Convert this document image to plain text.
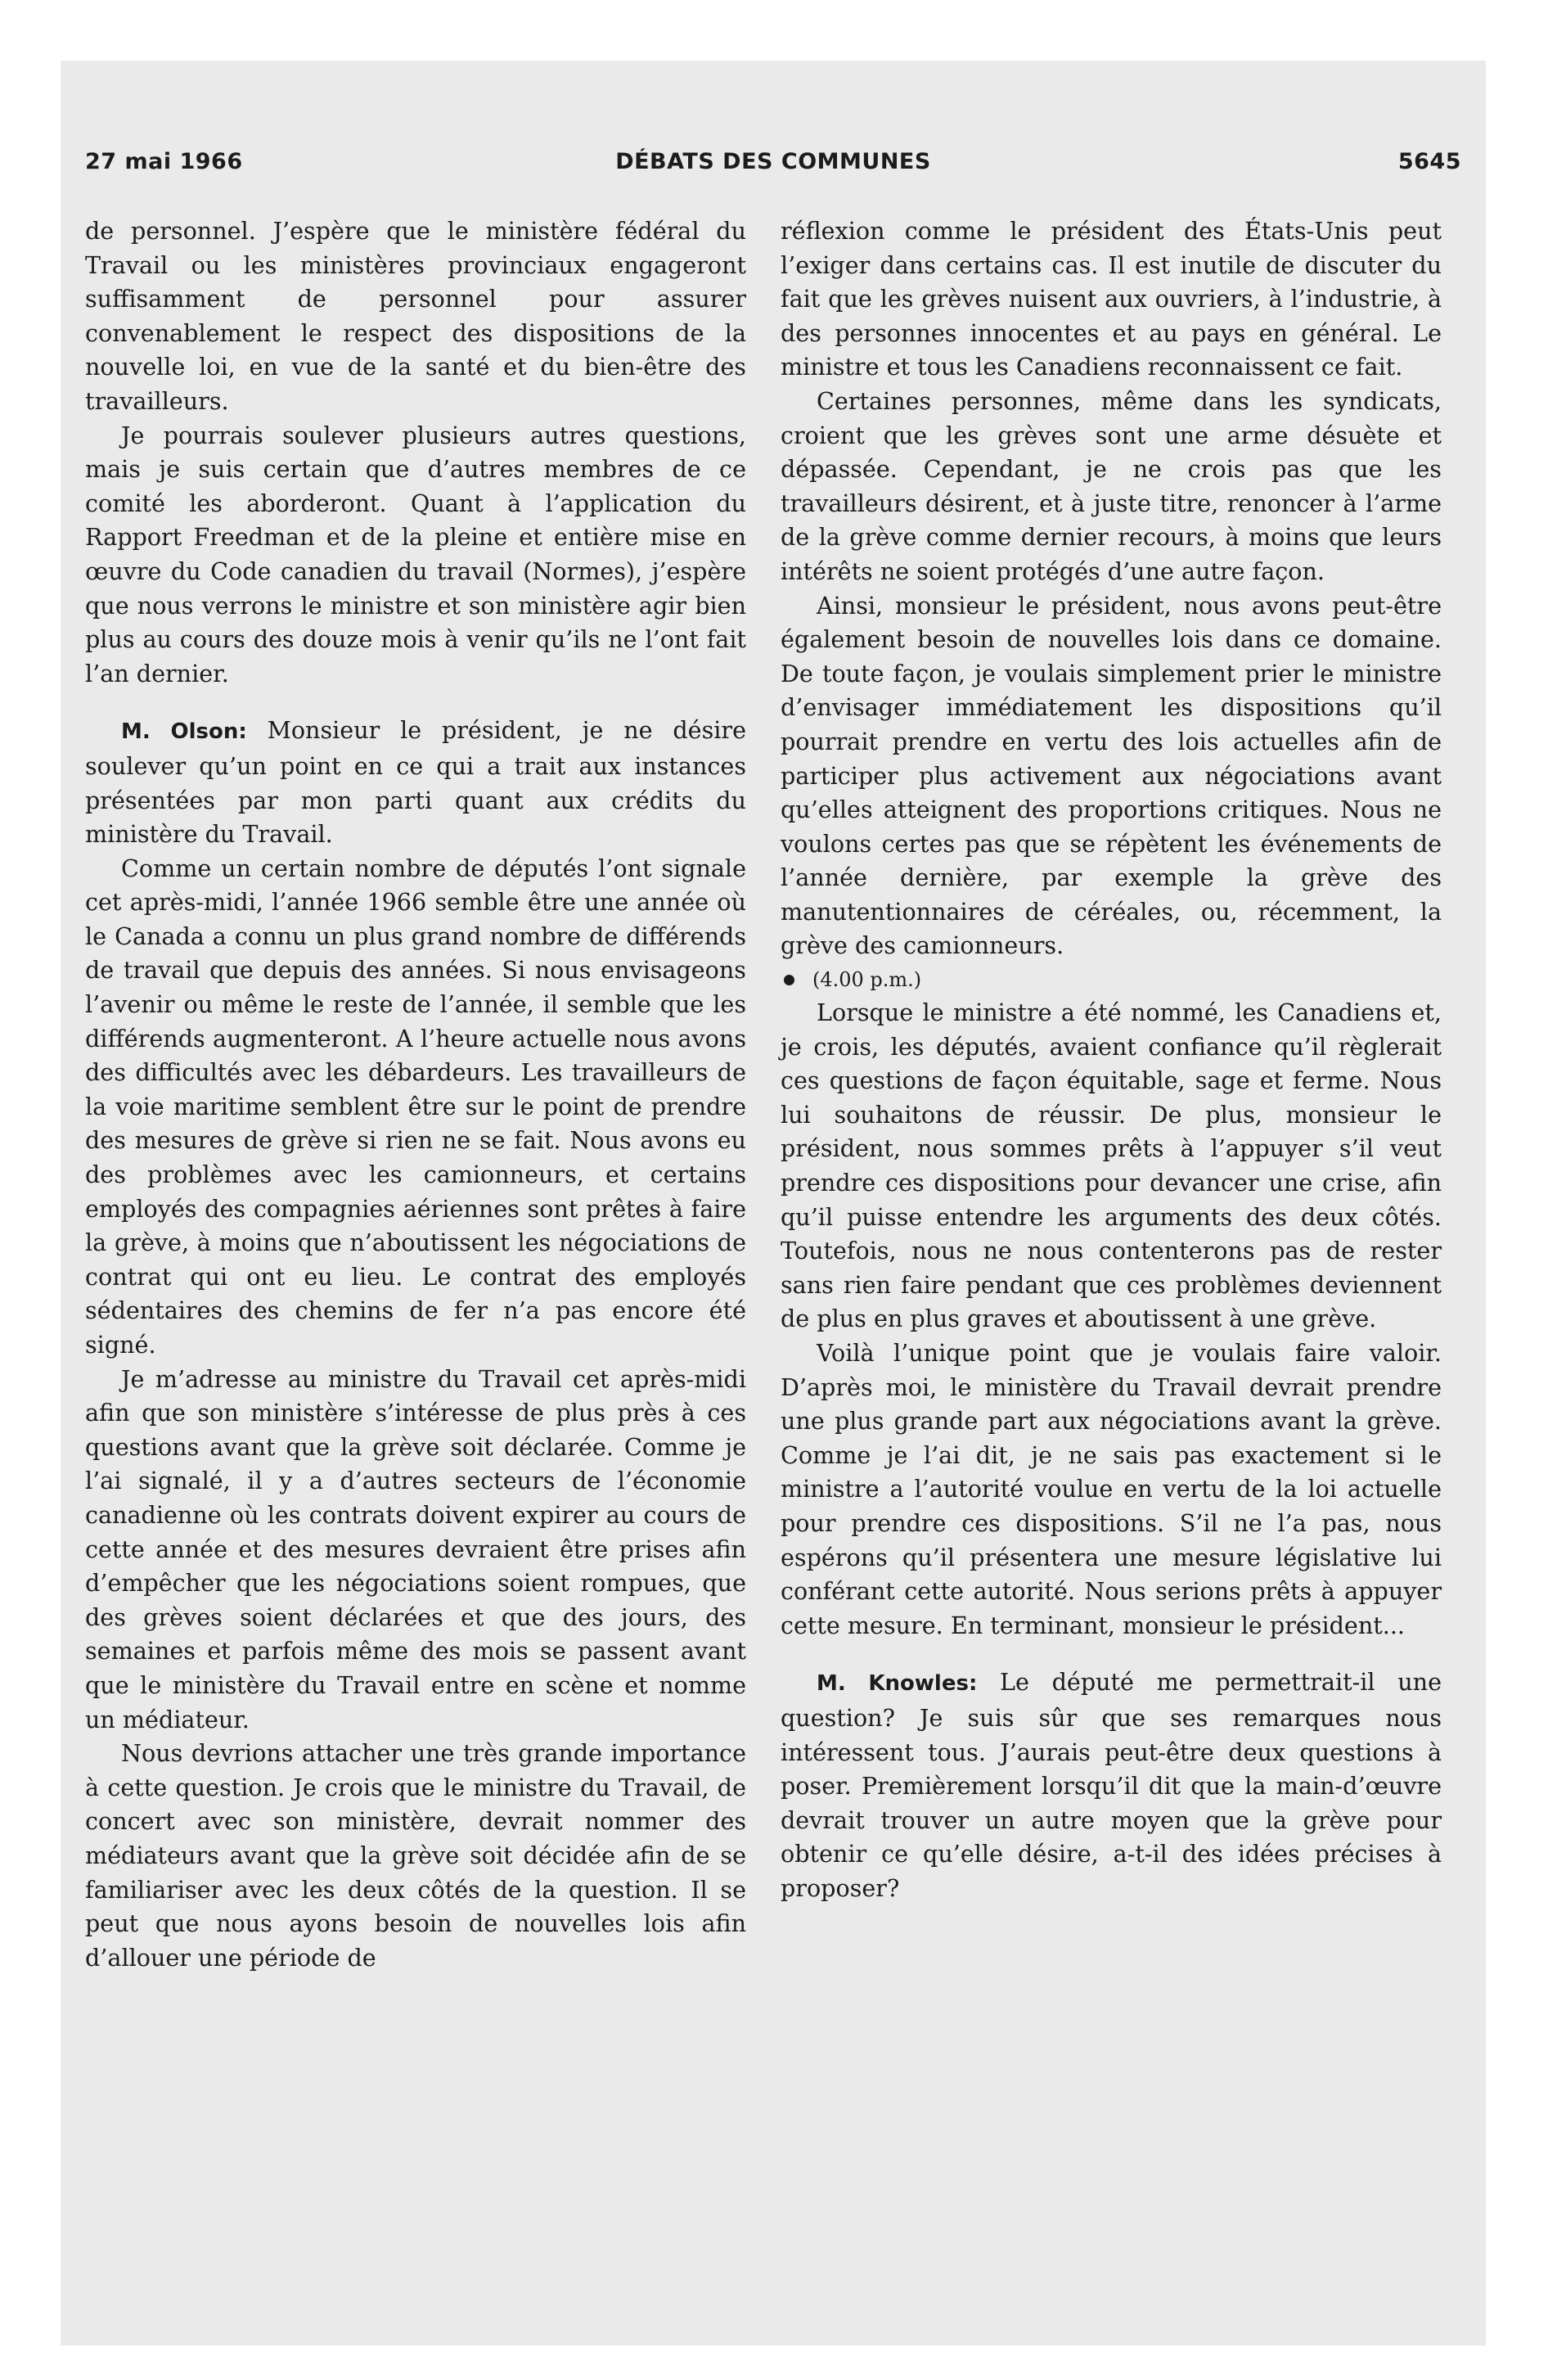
27 mai 1966	DÉBATS DES COMMUNES	5645

de personnel. J’espère que le ministère fédéral du Travail ou les ministères provinciaux engageront suffisamment de personnel pour assurer convenablement le respect des dispositions de la nouvelle loi, en vue de la santé et du bien-être des travailleurs.

Je pourrais soulever plusieurs autres questions, mais je suis certain que d’autres membres de ce comité les aborderont. Quant à l’application du Rapport Freedman et de la pleine et entière mise en œuvre du Code canadien du travail (Normes), j’espère que nous verrons le ministre et son ministère agir bien plus au cours des douze mois à venir qu’ils ne l’ont fait l’an dernier.

M. Olson: Monsieur le président, je ne désire soulever qu’un point en ce qui a trait aux instances présentées par mon parti quant aux crédits du ministère du Travail.

Comme un certain nombre de députés l’ont signale cet après-midi, l’année 1966 semble être une année où le Canada a connu un plus grand nombre de différends de travail que depuis des années. Si nous envisageons l’avenir ou même le reste de l’année, il semble que les différends augmenteront. A l’heure actuelle nous avons des difficultés avec les débardeurs. Les travailleurs de la voie maritime semblent être sur le point de prendre des mesures de grève si rien ne se fait. Nous avons eu des problèmes avec les camionneurs, et certains employés des compagnies aériennes sont prêtes à faire la grève, à moins que n’aboutissent les négociations de contrat qui ont eu lieu. Le contrat des employés sédentaires des chemins de fer n’a pas encore été signé.

Je m’adresse au ministre du Travail cet après-midi afin que son ministère s’intéresse de plus près à ces questions avant que la grève soit déclarée. Comme je l’ai signalé, il y a d’autres secteurs de l’économie canadienne où les contrats doivent expirer au cours de cette année et des mesures devraient être prises afin d’empêcher que les négociations soient rompues, que des grèves soient déclarées et que des jours, des semaines et parfois même des mois se passent avant que le ministère du Travail entre en scène et nomme un médiateur.

Nous devrions attacher une très grande importance à cette question. Je crois que le ministre du Travail, de concert avec son ministère, devrait nommer des médiateurs avant que la grève soit décidée afin de se familiariser avec les deux côtés de la question. Il se peut que nous ayons besoin de nouvelles lois afin d’allouer une période de

réflexion comme le président des États-Unis peut l’exiger dans certains cas. Il est inutile de discuter du fait que les grèves nuisent aux ouvriers, à l’industrie, à des personnes innocentes et au pays en général. Le ministre et tous les Canadiens reconnaissent ce fait.

Certaines personnes, même dans les syndicats, croient que les grèves sont une arme désuète et dépassée. Cependant, je ne crois pas que les travailleurs désirent, et à juste titre, renoncer à l’arme de la grève comme dernier recours, à moins que leurs intérêts ne soient protégés d’une autre façon.

Ainsi, monsieur le président, nous avons peut-être également besoin de nouvelles lois dans ce domaine. De toute façon, je voulais simplement prier le ministre d’envisager immédiatement les dispositions qu’il pourrait prendre en vertu des lois actuelles afin de participer plus activement aux négociations avant qu’elles atteignent des proportions critiques. Nous ne voulons certes pas que se répètent les événements de l’année dernière, par exemple la grève des manutentionnaires de céréales, ou, récemment, la grève des camionneurs.

(4.00 p.m.)

Lorsque le ministre a été nommé, les Canadiens et, je crois, les députés, avaient confiance qu’il règlerait ces questions de façon équitable, sage et ferme. Nous lui souhaitons de réussir. De plus, monsieur le président, nous sommes prêts à l’appuyer s’il veut prendre ces dispositions pour devancer une crise, afin qu’il puisse entendre les arguments des deux côtés. Toutefois, nous ne nous contenterons pas de rester sans rien faire pendant que ces problèmes deviennent de plus en plus graves et aboutissent à une grève.

Voilà l’unique point que je voulais faire valoir. D’après moi, le ministère du Travail devrait prendre une plus grande part aux négociations avant la grève. Comme je l’ai dit, je ne sais pas exactement si le ministre a l’autorité voulue en vertu de la loi actuelle pour prendre ces dispositions. S’il ne l’a pas, nous espérons qu’il présentera une mesure législative lui conférant cette autorité. Nous serions prêts à appuyer cette mesure. En terminant, monsieur le président...

M. Knowles: Le député me permettrait-il une question? Je suis sûr que ses remarques nous intéressent tous. J’aurais peut-être deux questions à poser. Premièrement lorsqu’il dit que la main-d’œuvre devrait trouver un autre moyen que la grève pour obtenir ce qu’elle désire, a-t-il des idées précises à proposer?
